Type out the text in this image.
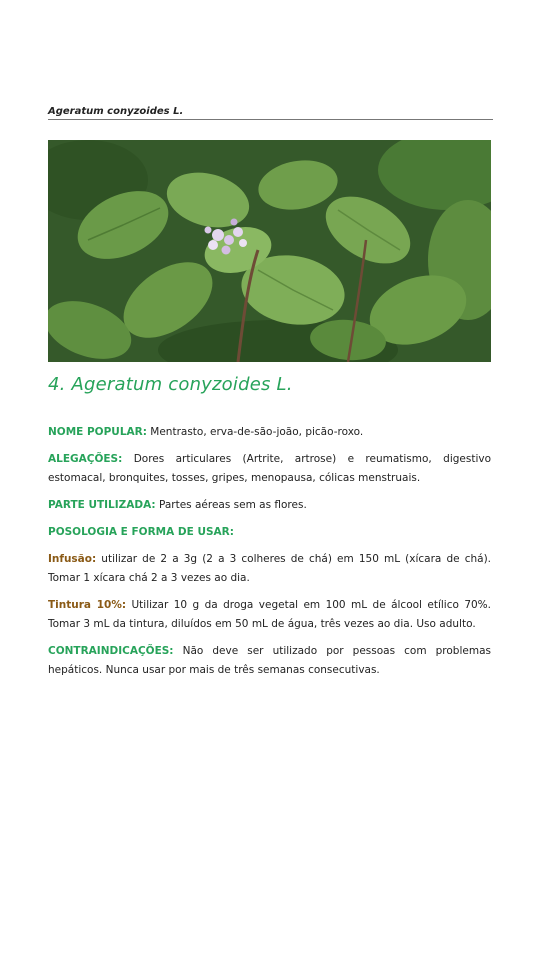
Ageratum conyzoides L.
4. Ageratum conyzoides L.

NOME POPULAR: Mentrasto, erva-de-são-joão, picão-roxo.

ALEGAÇÕES: Dores articulares (Artrite, artrose) e reumatismo, digestivo estomacal, bronquites, tosses, gripes, menopausa, cólicas menstruais.

PARTE UTILIZADA: Partes aéreas sem as flores.

POSOLOGIA E FORMA DE USAR:

Infusão: utilizar de 2 a 3g (2 a 3 colheres de chá) em 150 mL (xícara de chá). Tomar 1 xícara chá 2 a 3 vezes ao dia.

Tintura 10%: Utilizar 10 g da droga vegetal em 100 mL de álcool etílico 70%. Tomar 3 mL da tintura, diluídos em 50 mL de água, três vezes ao dia. Uso adulto.

CONTRAINDICAÇÕES: Não deve ser utilizado por pessoas com problemas hepáticos. Nunca usar por mais de três semanas consecutivas.
